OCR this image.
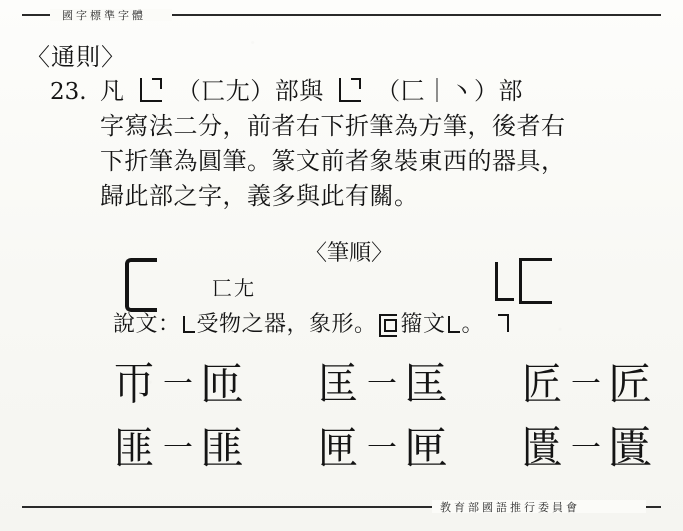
國字標準字體
〈通則〉
23. 凡 （匸尢）部與 （匚｜丶）部
字寫法二分，前者右下折筆為方筆，後者右
下折筆為圓筆。篆文前者象裝東西的器具，
歸此部之字，義多與此有關。
〈筆順〉
匸尢
說文： 受物之器，象形。 籀文 。
帀 一 匝 匡 一 匡 匠 一 匠
匪 一 匪 匣 一 匣 匱 一 匱
教育部國語推行委員會
